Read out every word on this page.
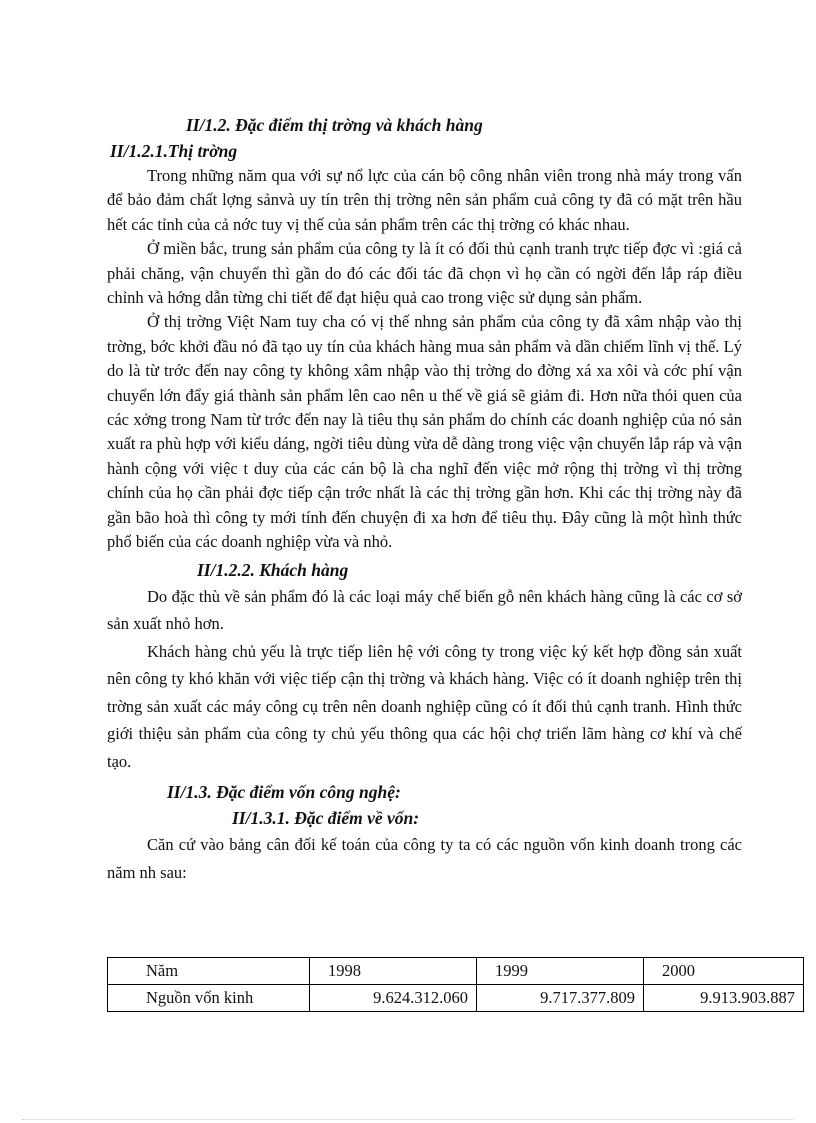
II/1.2. Đặc điểm thị trờng và khách hàng
II/1.2.1.Thị trờng

Trong những năm qua với sự nổ lực của cán bộ công nhân viên trong nhà máy trong vấn để bảo đảm chất lợng sảnvà uy tín trên thị trờng nên sản phẩm cuả công ty đã có mặt trên hầu hết các tỉnh của cả nớc tuy vị thế của sản phẩm trên các thị trờng có khác nhau.

Ở miền bắc, trung sản phẩm của công ty là ít có đối thủ cạnh tranh trực tiếp đợc vì :giá cả phải chăng, vận chuyển thì gần do đó các đối tác đã chọn vì họ cần có ngời đến lắp ráp điều chỉnh và hớng dẫn từng chi tiết để đạt hiệu quả cao trong việc sử dụng sản phẩm.

Ở thị trờng Việt Nam tuy cha có vị thế nhng sản phẩm của công ty đã xâm nhập vào thị trờng, bớc khởi đầu nó đã tạo uy tín của khách hàng mua sản phẩm và dần chiếm lĩnh vị thế. Lý do là từ trớc đến nay công ty không xâm nhập vào thị trờng do đờng xá xa xôi và cớc phí vận chuyển lớn đẩy giá thành sản phẩm lên cao nên u thế về giá sẽ giảm đi. Hơn nữa thói quen của các xởng trong Nam từ trớc đến nay là tiêu thụ sản phẩm do chính các doanh nghiệp của nó sản xuất ra phù hợp với kiểu dáng, ngời tiêu dùng vừa dễ dàng trong việc vận chuyển lắp ráp và vận hành cộng với việc t duy của các cán bộ là cha nghĩ đến việc mở rộng thị trờng vì thị trờng chính của họ cần phải đợc tiếp cận trớc nhất là các thị trờng gần hơn. Khi các thị trờng này đã gần bão hoà thì công ty mới tính đến chuyện đi xa hơn để tiêu thụ. Đây cũng là một hình thức phổ biến của các doanh nghiệp vừa và nhỏ.

II/1.2.2. Khách hàng

Do đặc thù về sản phẩm đó là các loại máy chế biến gỗ nên khách hàng cũng là các cơ sở sản xuất nhỏ hơn.

Khách hàng chủ yếu là trực tiếp liên hệ với công ty trong việc ký kết hợp đồng sản xuất nên công ty khó khăn với việc tiếp cận thị trờng và khách hàng. Việc có ít doanh nghiệp trên thị trờng sản xuất các máy công cụ trên nên doanh nghiệp cũng có ít đối thủ cạnh tranh. Hình thức giới thiệu sản phẩm của công ty chủ yếu thông qua các hội chợ triển lãm hàng cơ khí và chế tạo.

II/1.3. Đặc điểm vốn công nghệ:
II/1.3.1. Đặc điểm về vốn:

Căn cứ vào bảng cân đối kế toán của công ty ta có các nguồn vốn kinh doanh trong các năm nh sau:

Năm	1998	1999	2000
Nguồn vốn kinh	9.624.312.060	9.717.377.809	9.913.903.887
